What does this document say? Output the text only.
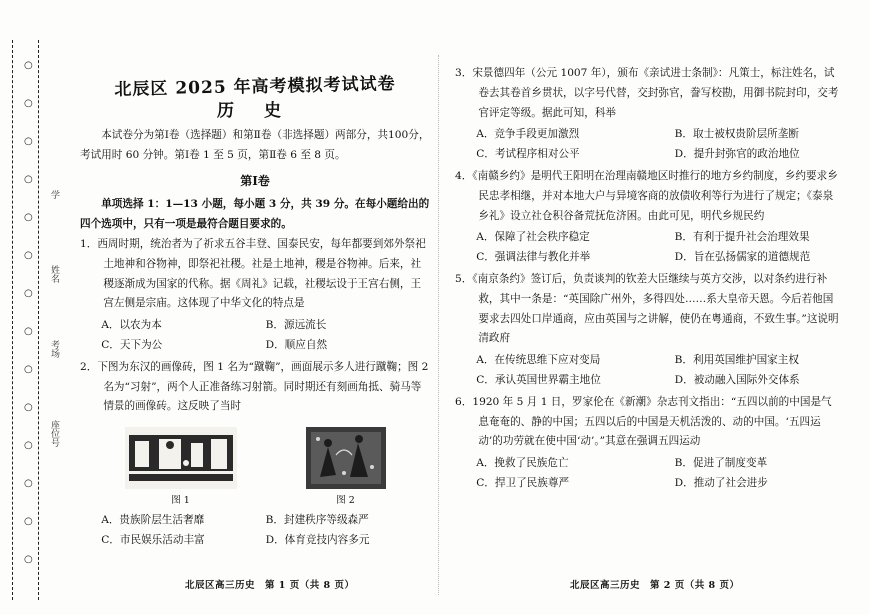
○
○
○
○
○
○
○
○
○
○
○
○
○
○
学
姓名
考场
座位号
北辰区 2025 年高考模拟考试试卷
历 史

本试卷分为第Ⅰ卷（选择题）和第Ⅱ卷（非选择题）两部分，共100分，考试用时 60 分钟。第Ⅰ卷 1 至 5 页，第Ⅱ卷 6 至 8 页。

第Ⅰ卷

单项选择 1：1—13 小题，每小题 3 分，共 39 分。在每小题给出的四个选项中，只有一项是最符合题目要求的。

1．西周时期，统治者为了祈求五谷丰登、国泰民安，每年都要到郊外祭祀土地神和谷物神，即祭祀社稷。社是土地神，稷是谷物神。后来，社稷逐渐成为国家的代称。据《周礼》记载，社稷坛设于王宫右侧，王宫左侧是宗庙。这体现了中华文化的特点是

A．以农为本	B．源远流长

C．天下为公	D．顺应自然

2．下图为东汉的画像砖，图 1 名为“蹴鞠”，画面展示多人进行蹴鞠；图 2 名为“习射”，两个人正准备练习射箭。同时期还有刻画角抵、骑马等情景的画像砖。这反映了当时

图 1	图 2

A．贵族阶层生活奢靡	B．封建秩序等级森严

C．市民娱乐活动丰富	D．体育竞技内容多元

3．宋景德四年（公元 1007 年），颁布《亲试进士条制》：凡策士，标注姓名，试卷去其卷首乡贯状，以字号代替，交封弥官，誊写校勘，用御书院封印，交考官评定等级。据此可知，科举

A．竞争手段更加激烈	B．取士被权贵阶层所垄断

C．考试程序相对公平	D．提升封弥官的政治地位

4．《南赣乡约》是明代王阳明在治理南赣地区时推行的地方乡约制度，乡约要求乡民忠孝相继，并对本地大户与异境客商的放债收利等行为进行了规定；《泰泉乡礼》设立社仓积谷备荒抚危济困。由此可见，明代乡规民约

A．保障了社会秩序稳定	B．有利于提升社会治理效果

C．强调法律与教化并举	D．旨在弘扬儒家的道德规范

5．《南京条约》签订后，负责谈判的钦差大臣继续与英方交涉，以对条约进行补救，其中一条是：“英国除广州外，多得四处……系大皇帝天恩。今后若他国要求去四处口岸通商，应由英国与之讲解，使仍在粤通商，不致生事。”这说明清政府

A．在传统思维下应对变局	B．利用英国维护国家主权

C．承认英国世界霸主地位	D．被动融入国际外交体系

6．1920 年 5 月 1 日，罗家伦在《新潮》杂志刊文指出：“五四以前的中国是气息奄奄的、静的中国；五四以后的中国是天机活泼的、动的中国。‘五四运动’的功劳就在使中国‘动’。”其意在强调五四运动

A．挽救了民族危亡	B．促进了制度变革

C．捍卫了民族尊严	D．推动了社会进步

北辰区高三历史　第 1 页（共 8 页）	北辰区高三历史　第 2 页（共 8 页）
